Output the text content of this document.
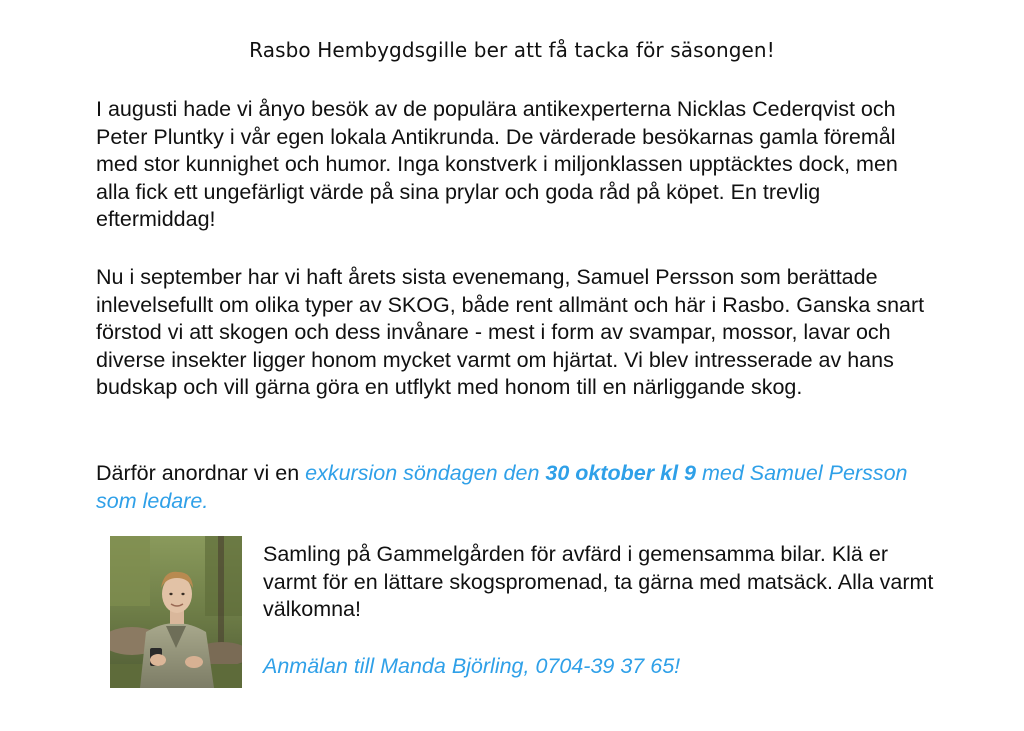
Rasbo Hembygdsgille ber att få tacka för säsongen!

I augusti hade vi ånyo besök av de populära antikexperterna Nicklas Cederqvist och Peter Pluntky i vår egen lokala Antikrunda. De värderade besökarnas gamla föremål med stor kunnighet och humor. Inga konstverk i miljonklassen upptäcktes dock, men alla fick ett ungefärligt värde på sina prylar och goda råd på köpet. En trevlig eftermiddag!

Nu i september har vi haft årets sista evenemang, Samuel Persson som berättade inlevelsefullt om olika typer av SKOG, både rent allmänt och här i Rasbo. Ganska snart förstod vi att skogen och dess invånare - mest i form av svampar, mossor, lavar och diverse insekter ligger honom mycket varmt om hjärtat. Vi blev intresserade av hans budskap och vill gärna göra en utflykt med honom till en närliggande skog.

Därför anordnar vi en exkursion söndagen den 30 oktober kl 9 med Samuel Persson som ledare.

Samling på Gammelgården för avfärd i gemensamma bilar. Klä er varmt för en lättare skogspromenad, ta gärna med matsäck. Alla varmt välkomna!

Anmälan till Manda Björling, 0704-39 37 65!
